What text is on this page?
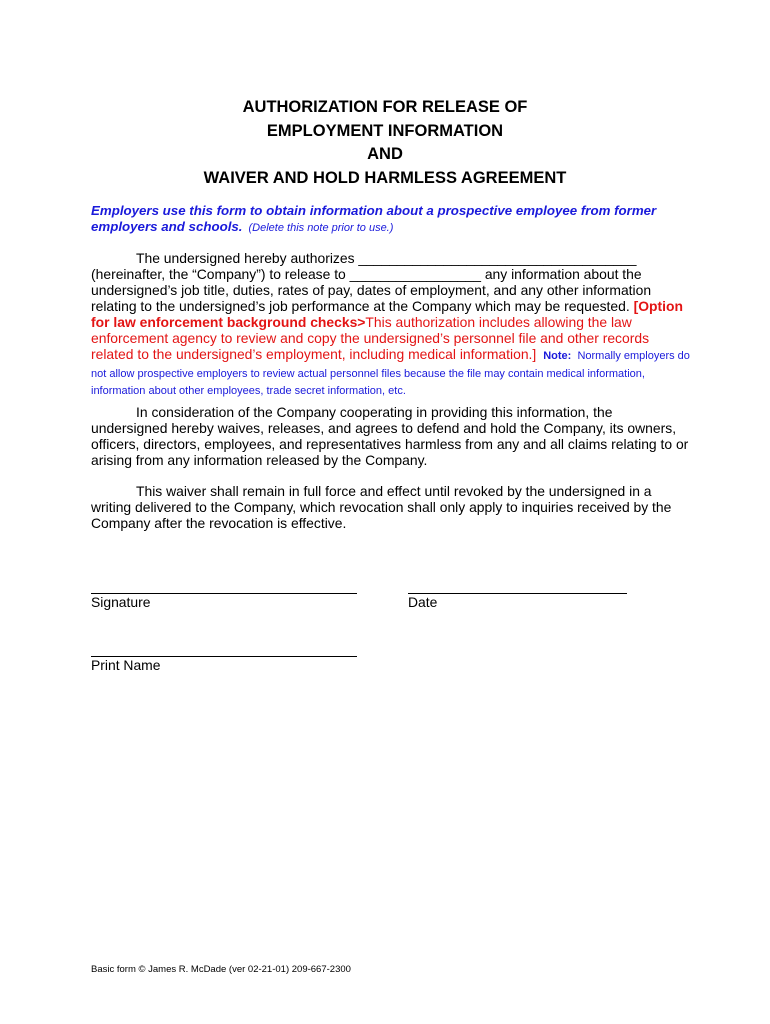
AUTHORIZATION FOR RELEASE OF
EMPLOYMENT INFORMATION
AND
WAIVER AND HOLD HARMLESS AGREEMENT
Employers use this form to obtain information about a prospective employee from former employers and schools. (Delete this note prior to use.)
The undersigned hereby authorizes ____________________________________ (hereinafter, the “Company”) to release to _________________ any information about the undersigned’s job title, duties, rates of pay, dates of employment, and any other information relating to the undersigned’s job performance at the Company which may be requested. [Option for law enforcement background checks>This authorization includes allowing the law enforcement agency to review and copy the undersigned’s personnel file and other records related to the undersigned’s employment, including medical information.] Note: Normally employers do not allow prospective employers to review actual personnel files because the file may contain medical information, information about other employees, trade secret information, etc.
In consideration of the Company cooperating in providing this information, the undersigned hereby waives, releases, and agrees to defend and hold the Company, its owners, officers, directors, employees, and representatives harmless from any and all claims relating to or arising from any information released by the Company.
This waiver shall remain in full force and effect until revoked by the undersigned in a writing delivered to the Company, which revocation shall only apply to inquiries received by the Company after the revocation is effective.
Signature	Date
Print Name
Basic form © James R. McDade (ver 02-21-01) 209-667-2300
